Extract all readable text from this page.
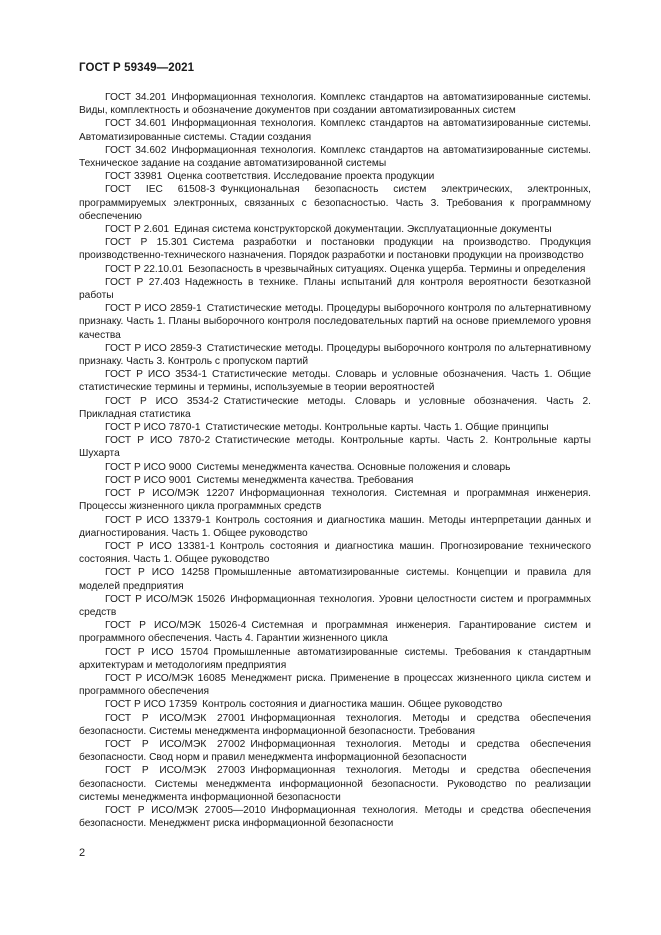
ГОСТ Р 59349—2021

ГОСТ 34.201 Информационная технология. Комплекс стандартов на автоматизированные системы. Виды, комплектность и обозначение документов при создании автоматизированных систем

ГОСТ 34.601 Информационная технология. Комплекс стандартов на автоматизированные системы. Автоматизированные системы. Стадии создания

ГОСТ 34.602 Информационная технология. Комплекс стандартов на автоматизированные системы. Техническое задание на создание автоматизированной системы

ГОСТ 33981 Оценка соответствия. Исследование проекта продукции

ГОСТ IEC 61508-3 Функциональная безопасность систем электрических, электронных, программируемых электронных, связанных с безопасностью. Часть 3. Требования к программному обеспечению

ГОСТ Р 2.601 Единая система конструкторской документации. Эксплуатационные документы

ГОСТ Р 15.301 Система разработки и постановки продукции на производство. Продукция производственно-технического назначения. Порядок разработки и постановки продукции на производство

ГОСТ Р 22.10.01 Безопасность в чрезвычайных ситуациях. Оценка ущерба. Термины и определения

ГОСТ Р 27.403 Надежность в технике. Планы испытаний для контроля вероятности безотказной работы

ГОСТ Р ИСО 2859-1 Статистические методы. Процедуры выборочного контроля по альтернативному признаку. Часть 1. Планы выборочного контроля последовательных партий на основе приемлемого уровня качества

ГОСТ Р ИСО 2859-3 Статистические методы. Процедуры выборочного контроля по альтернативному признаку. Часть 3. Контроль с пропуском партий

ГОСТ Р ИСО 3534-1 Статистические методы. Словарь и условные обозначения. Часть 1. Общие статистические термины и термины, используемые в теории вероятностей

ГОСТ Р ИСО 3534-2 Статистические методы. Словарь и условные обозначения. Часть 2. Прикладная статистика

ГОСТ Р ИСО 7870-1 Статистические методы. Контрольные карты. Часть 1. Общие принципы

ГОСТ Р ИСО 7870-2 Статистические методы. Контрольные карты. Часть 2. Контрольные карты Шухарта

ГОСТ Р ИСО 9000 Системы менеджмента качества. Основные положения и словарь

ГОСТ Р ИСО 9001 Системы менеджмента качества. Требования

ГОСТ Р ИСО/МЭК 12207 Информационная технология. Системная и программная инженерия. Процессы жизненного цикла программных средств

ГОСТ Р ИСО 13379-1 Контроль состояния и диагностика машин. Методы интерпретации данных и диагностирования. Часть 1. Общее руководство

ГОСТ Р ИСО 13381-1 Контроль состояния и диагностика машин. Прогнозирование технического состояния. Часть 1. Общее руководство

ГОСТ Р ИСО 14258 Промышленные автоматизированные системы. Концепции и правила для моделей предприятия

ГОСТ Р ИСО/МЭК 15026 Информационная технология. Уровни целостности систем и программных средств

ГОСТ Р ИСО/МЭК 15026-4 Системная и программная инженерия. Гарантирование систем и программного обеспечения. Часть 4. Гарантии жизненного цикла

ГОСТ Р ИСО 15704 Промышленные автоматизированные системы. Требования к стандартным архитектурам и методологиям предприятия

ГОСТ Р ИСО/МЭК 16085 Менеджмент риска. Применение в процессах жизненного цикла систем и программного обеспечения

ГОСТ Р ИСО 17359 Контроль состояния и диагностика машин. Общее руководство

ГОСТ Р ИСО/МЭК 27001 Информационная технология. Методы и средства обеспечения безопасности. Системы менеджмента информационной безопасности. Требования

ГОСТ Р ИСО/МЭК 27002 Информационная технология. Методы и средства обеспечения безопасности. Свод норм и правил менеджмента информационной безопасности

ГОСТ Р ИСО/МЭК 27003 Информационная технология. Методы и средства обеспечения безопасности. Системы менеджмента информационной безопасности. Руководство по реализации системы менеджмента информационной безопасности

ГОСТ Р ИСО/МЭК 27005—2010 Информационная технология. Методы и средства обеспечения безопасности. Менеджмент риска информационной безопасности

2
